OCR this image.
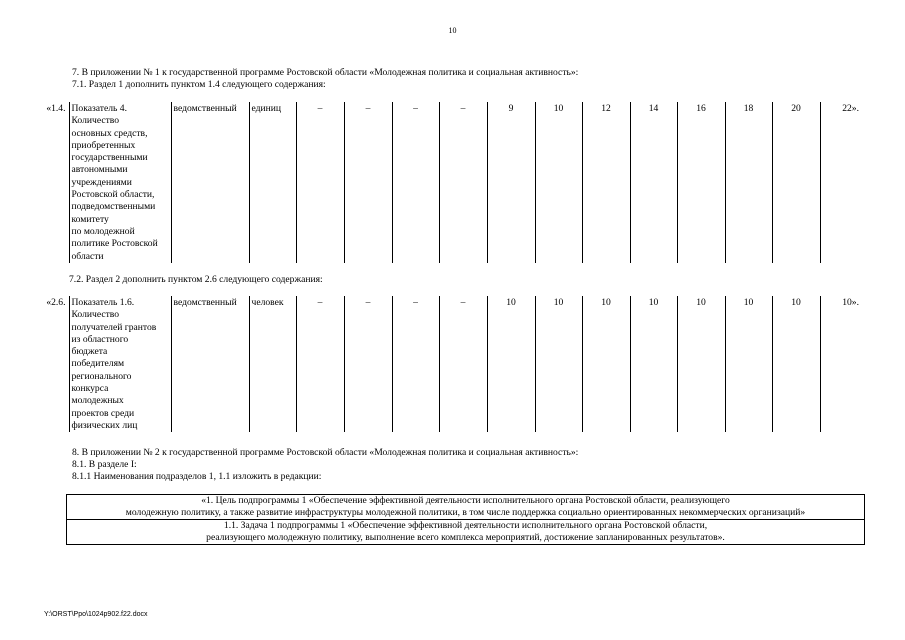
10
7. В приложении № 1 к государственной программе Ростовской области «Молодежная политика и социальная активность»:
7.1. Раздел 1 дополнить пунктом 1.4 следующего содержания:
«1.4.	Показатель 4.
Количество
основных средств,
приобретенных
государственными
автономными
учреждениями
Ростовской области,
подведомственными
комитету
по молодежной
политике Ростовской
области
	ведомственный	единиц	–	–	–	–	9	10	12	14	16	18	20	22».
7.2. Раздел 2 дополнить пунктом 2.6 следующего содержания:
«2.6.	Показатель 1.6.
Количество
получателей грантов
из областного
бюджета
победителям
регионального
конкурса
молодежных
проектов среди
физических лиц
	ведомственный	человек	–	–	–	–	10	10	10	10	10	10	10	10».
8. В приложении № 2 к государственной программе Ростовской области «Молодежная политика и социальная активность»:
8.1. В разделе I:
8.1.1 Наименования подразделов 1, 1.1 изложить в редакции:
«1. Цель подпрограммы 1 «Обеспечение эффективной деятельности исполнительного органа Ростовской области, реализующего
молодежную политику, а также развитие инфраструктуры молодежной политики, в том числе поддержка социально ориентированных некоммерческих организаций»
1.1. Задача 1 подпрограммы 1 «Обеспечение эффективной деятельности исполнительного органа Ростовской области,
реализующего молодежную политику, выполнение всего комплекса мероприятий, достижение запланированных результатов».
Y:\ORST\Ppo\1024p902.f22.docx
